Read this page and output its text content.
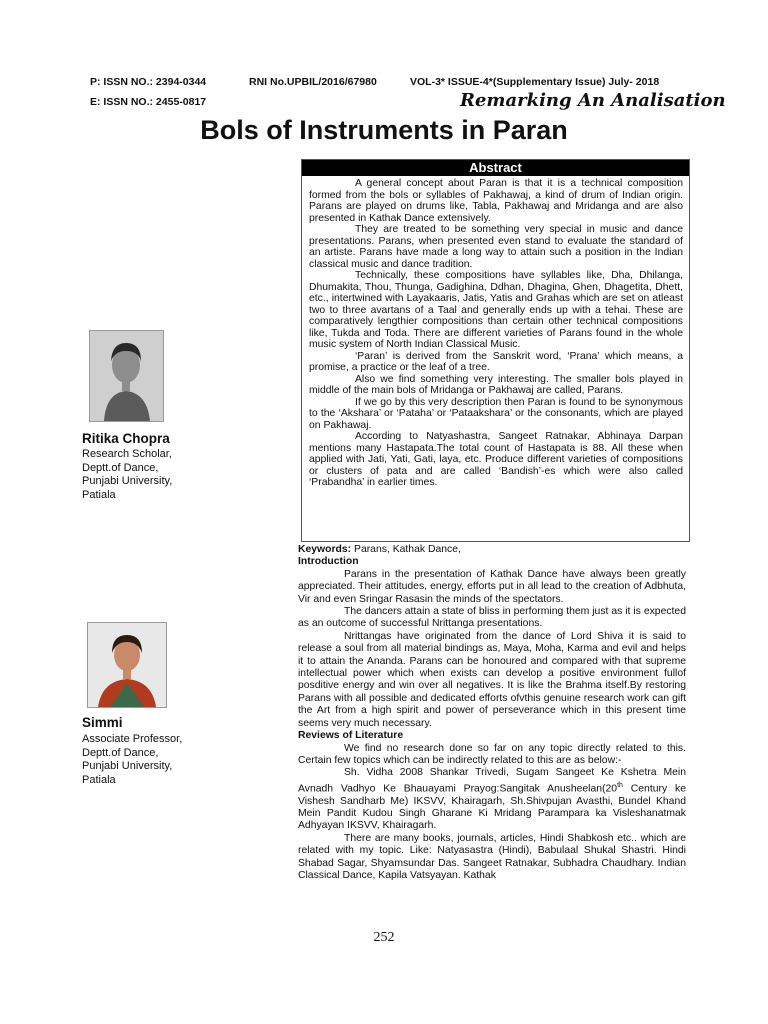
P: ISSN NO.: 2394-0344	RNI No.UPBIL/2016/67980	VOL-3* ISSUE-4*(Supplementary Issue) July- 2018
E: ISSN NO.: 2455-0817	Remarking An Analisation
Bols of Instruments in Paran
Abstract

A general concept about Paran is that it is a technical composition formed from the bols or syllables of Pakhawaj, a kind of drum of Indian origin. Parans are played on drums like, Tabla, Pakhawaj and Mridanga and are also presented in Kathak Dance extensively.

They are treated to be something very special in music and dance presentations. Parans, when presented even stand to evaluate the standard of an artiste. Parans have made a long way to attain such a position in the Indian classical music and dance tradition.

Technically, these compositions have syllables like, Dha, Dhilanga, Dhumakita, Thou, Thunga, Gadighina, Ddhan, Dhagina, Ghen, Dhagetita, Dhett, etc., intertwined with Layakaaris, Jatis, Yatis and Grahas which are set on atleast two to three avartans of a Taal and generally ends up with a tehai. These are comparatively lengthier compositions than certain other technical compositions like, Tukda and Toda. There are different varieties of Parans found in the whole music system of North Indian Classical Music.

‘Paran’ is derived from the Sanskrit word, ‘Prana’ which means, a promise, a practice or the leaf of a tree.

Also we find something very interesting. The smaller bols played in middle of the main bols of Mridanga or Pakhawaj are called, Parans.

If we go by this very description then Paran is found to be synonymous to the ‘Akshara’ or ‘Pataha’ or ‘Pataakshara’ or the consonants, which are played on Pakhawaj.

According to Natyashastra, Sangeet Ratnakar, Abhinaya Darpan mentions many Hastapata.The total count of Hastapata is 88. All these when applied with Jati, Yati, Gati, laya, etc. Produce different varieties of compositions or clusters of pata and are called ‘Bandish’-es which were also called ‘Prabandha’ in earlier times.

Ritika Chopra
Research Scholar,
Deptt.of Dance,
Punjabi University,
Patiala
Simmi
Associate Professor,
Deptt.of Dance,
Punjabi University,
Patiala

Keywords: Parans, Kathak Dance,

Introduction

Parans in the presentation of Kathak Dance have always been greatly appreciated. Their attitudes, energy, efforts put in all lead to the creation of Adbhuta, Vir and even Sringar Rasasin the minds of the spectators.

The dancers attain a state of bliss in performing them just as it is expected as an outcome of successful Nrittanga presentations.

Nrittangas have originated from the dance of Lord Shiva it is said to release a soul from all material bindings as, Maya, Moha, Karma and evil and helps it to attain the Ananda. Parans can be honoured and compared with that supreme intellectual power which when exists can develop a positive environment fullof posditive energy and win over all negatives. It is like the Brahma itself.By restoring Parans with all possible and dedicated efforts ofvthis genuine research work can gift the Art from a high spirit and power of perseverance which in this present time seems very much necessary.

Reviews of Literature

We find no research done so far on any topic directly related to this. Certain few topics which can be indirectly related to this are as below:-

Sh. Vidha 2008 Shankar Trivedi, Sugam Sangeet Ke Kshetra Mein Avnadh Vadhyo Ke Bhauayami Prayog:Sangitak Anusheelan(20th Century ke Vishesh Sandharb Me) IKSVV, Khairagarh, Sh.Shivpujan Avasthi, Bundel Khand Mein Pandit Kudou Singh Gharane Ki Mridang Parampara ka Visleshanatmak Adhyayan IKSVV, Khairagarh.

There are many books, journals, articles, Hindi Shabkosh etc.. which are related with my topic. Like: Natyasastra (Hindi), Babulaal Shukal Shastri. Hindi Shabad Sagar, Shyamsundar Das. Sangeet Ratnakar, Subhadra Chaudhary. Indian Classical Dance, Kapila Vatsyayan. Kathak

252
